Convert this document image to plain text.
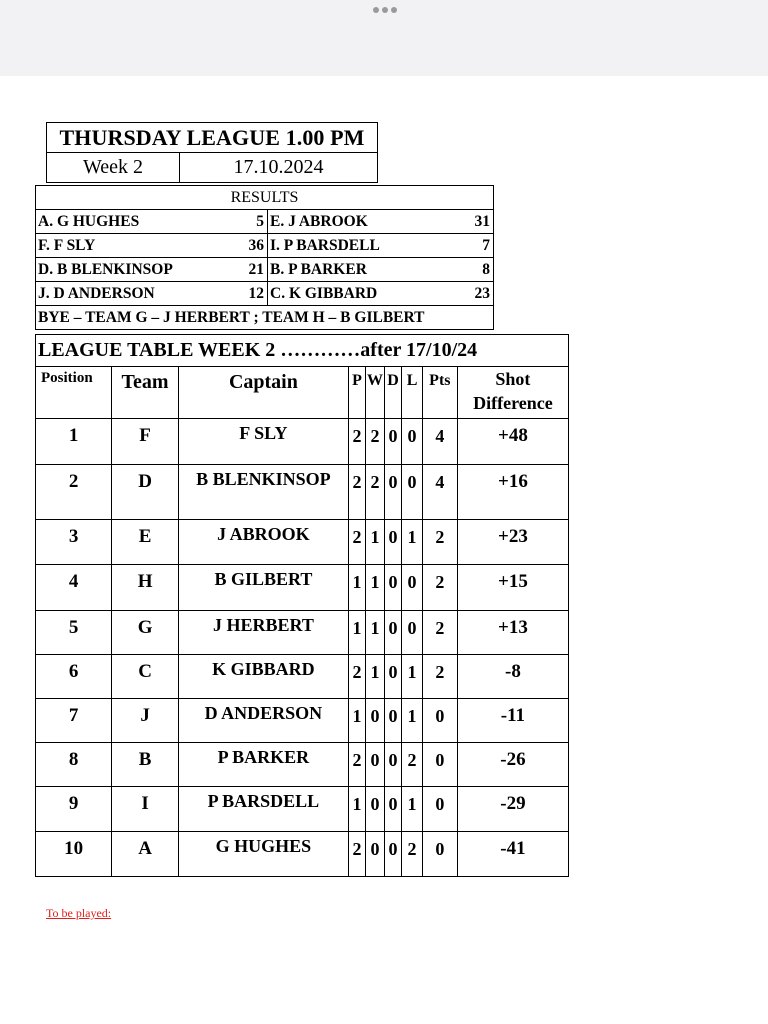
THURSDAY LEAGUE 1.00 PM
Week 2	17.10.2024
RESULTS			
A. G HUGHES	5	E. J ABROOK	31
F. F SLY	36	I. P BARSDELL	7
D. B BLENKINSOP	21	B. P BARKER	8
J. D ANDERSON	12	C. K GIBBARD	23
BYE – TEAM G – J HERBERT ; TEAM H – B GILBERT			
LEAGUE TABLE WEEK 2 …………after 17/10/24								
Position	Team	Captain	P	W	D	L	Pts	Shot Difference
1	F	F SLY	2	2	0	0	4	+48
2	D	B BLENKINSOP	2	2	0	0	4	+16
3	E	J ABROOK	2	1	0	1	2	+23
4	H	B GILBERT	1	1	0	0	2	+15
5	G	J HERBERT	1	1	0	0	2	+13
6	C	K GIBBARD	2	1	0	1	2	-8
7	J	D ANDERSON	1	0	0	1	0	-11
8	B	P BARKER	2	0	0	2	0	-26
9	I	P BARSDELL	1	0	0	1	0	-29
10	A	G HUGHES	2	0	0	2	0	-41
To be played:
